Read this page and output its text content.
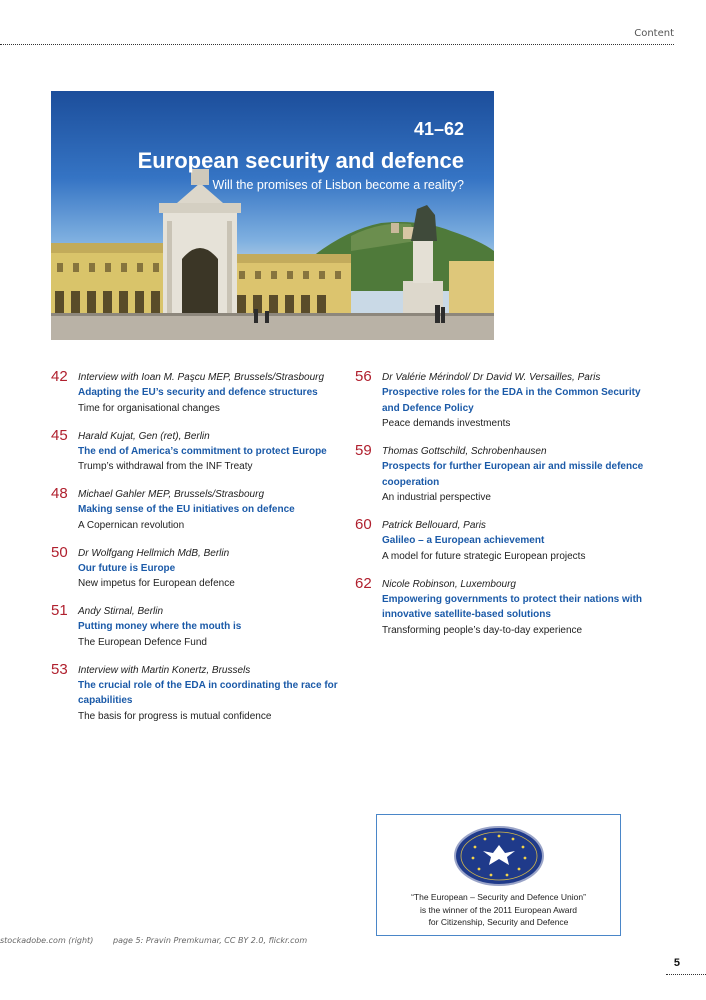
Content
41–62
European security and defence
Will the promises of Lisbon become a reality?
42 Interview with Ioan M. Paşcu MEP, Brussels/Strasbourg
Adapting the EU’s security and defence structures
Time for organisational changes
45 Harald Kujat, Gen (ret), Berlin
The end of America’s commitment to protect Europe
Trump’s withdrawal from the INF Treaty
48 Michael Gahler MEP, Brussels/Strasbourg
Making sense of the EU initiatives on defence
A Copernican revolution
50 Dr Wolfgang Hellmich MdB, Berlin
Our future is Europe
New impetus for European defence
51 Andy Stirnal, Berlin
Putting money where the mouth is
The European Defence Fund
53 Interview with Martin Konertz, Brussels
The crucial role of the EDA in coordinating the race for
capabilities
The basis for progress is mutual confidence
56 Dr Valérie Mérindol/ Dr David W. Versailles, Paris
Prospective roles for the EDA in the Common Security
and Defence Policy
Peace demands investments
59 Thomas Gottschild, Schrobenhausen
Prospects for further European air and missile defence
cooperation
An industrial perspective
60 Patrick Bellouard, Paris
Galileo – a European achievement
A model for future strategic European projects
62 Nicole Robinson, Luxembourg
Empowering governments to protect their nations with
innovative satellite-based solutions
Transforming people’s day-to-day experience
“The European – Security and Defence Union”
is the winner of the 2011 European Award
for Citizenship, Security and Defence
stockadobe.com (right) page 5: Pravin Premkumar, CC BY 2.0, flickr.com
5
